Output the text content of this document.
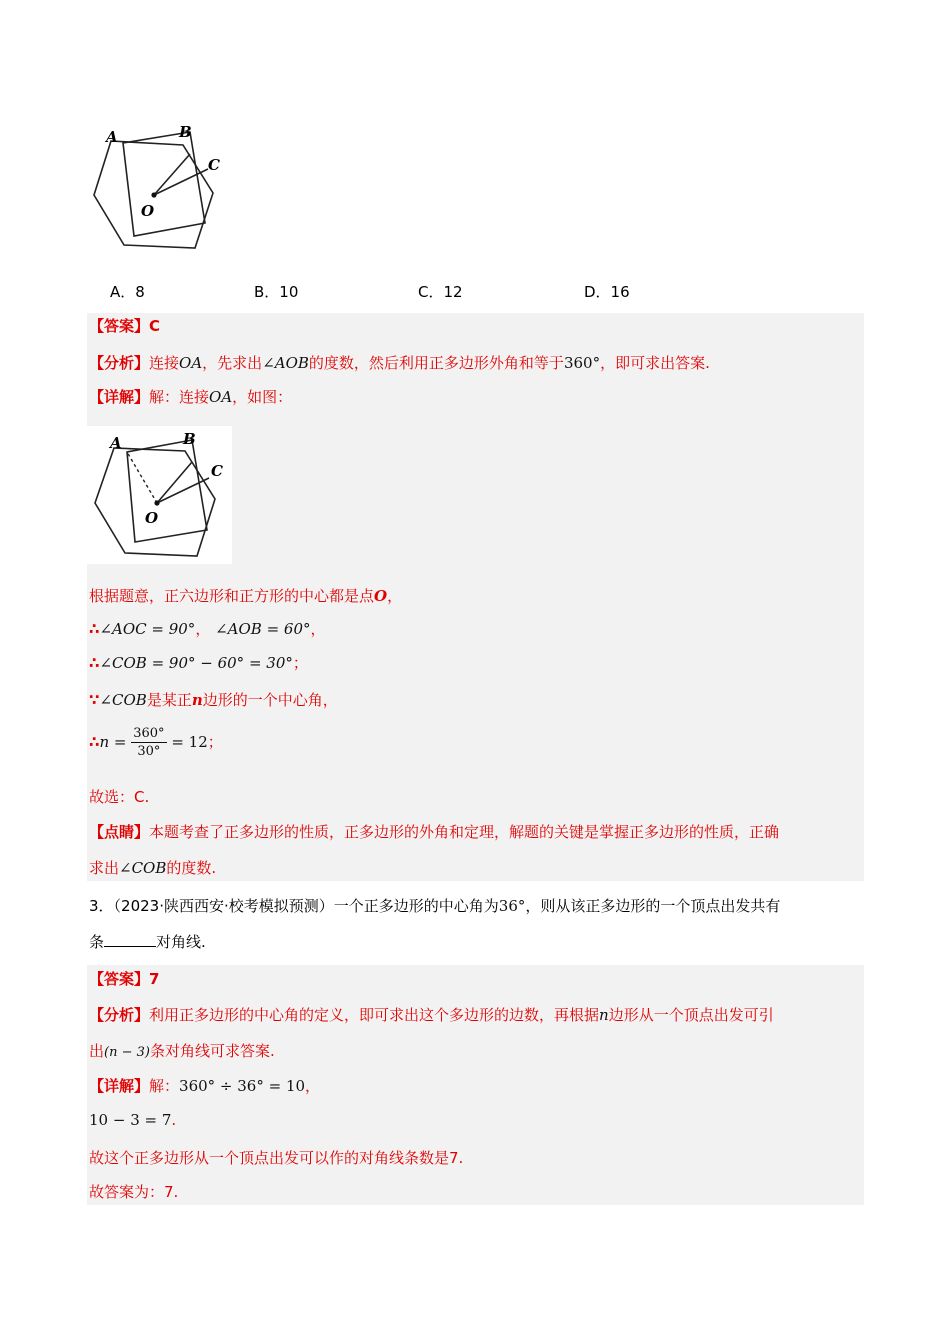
A	B
C
O
A．8	B．10	C．12	D．16
【答案】C
【分析】连接OA，先求出∠AOB的度数，然后利用正多边形外角和等于360°，即可求出答案.
【详解】解：连接OA，如图：
A	B
C
O
根据题意，正六边形和正方形的中心都是点O，
∴∠AOC = 90°， ∠AOB = 60°，
∴∠COB = 90° − 60° = 30°；
∵∠COB是某正n边形的一个中心角，
∴n = $\frac{360^\circ}{30^\circ} = 12$；
故选：C.
【点睛】本题考查了正多边形的性质，正多边形的外角和定理，解题的关键是掌握正多边形的性质，正确
求出∠COB的度数.
3．（2023·陕西西安·校考模拟预测）一个正多边形的中心角为36°，则从该正多边形的一个顶点出发共有
条	对角线.
【答案】7
【分析】利用正多边形的中心角的定义，即可求出这个多边形的边数，再根据n边形从一个顶点出发可引
出(n − 3)条对角线可求答案.
【详解】解：360° ÷ 36° = 10，
10 − 3 = 7.
故这个正多边形从一个顶点出发可以作的对角线条数是7.
故答案为：7.
